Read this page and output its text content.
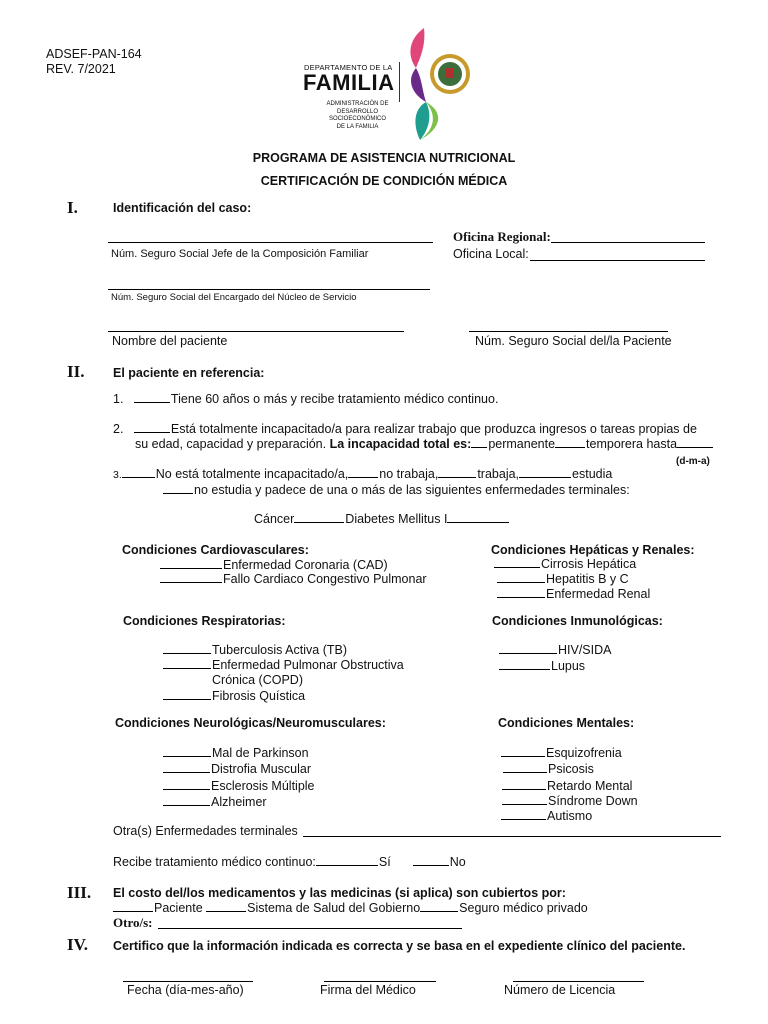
ADSEF-PAN-164
REV. 7/2021	DEPARTAMENTO DE LA
FAMILIA
ADMINISTRACIÓN DE
DESARROLLO
SOCIOECONÓMICO
DE LA FAMILIA
PROGRAMA DE ASISTENCIA NUTRICIONAL
CERTIFICACIÓN DE CONDICIÓN MÉDICA
I.	Identificación del caso:
Núm. Seguro Social Jefe de la Composición Familiar
Oficina Regional:
Oficina Local:
Núm. Seguro Social del Encargado del Núcleo de Servicio
Nombre del paciente	Núm. Seguro Social del/la Paciente
II. El paciente en referencia:
1.	Tiene 60 años o más y recibe tratamiento médico continuo.
2.	Está totalmente incapacitado/a para realizar trabajo que produzca ingresos o tareas propias de
su edad, capacidad y preparación. La incapacidad total es: permanente temporera hasta
(d-m-a)
3.	No está totalmente incapacitado/a, no trabaja,	trabaja,	estudia
no estudia y padece de una o más de las siguientes enfermedades terminales:
Cáncer	Diabetes Mellitus I
Condiciones Cardiovasculares:
Enfermedad Coronaria (CAD)
Fallo Cardiaco Congestivo Pulmonar
Condiciones Hepáticas y Renales:
Cirrosis Hepática
Hepatitis B y C
Enfermedad Renal
Condiciones Respiratorias:
Tuberculosis Activa (TB)
Enfermedad Pulmonar Obstructiva
Crónica (COPD)
Fibrosis Quística
Condiciones Inmunológicas:
HIV/SIDA
Lupus
Condiciones Neurológicas/Neuromusculares:
Mal de Parkinson
Distrofia Muscular
Esclerosis Múltiple
Alzheimer
Condiciones Mentales:
Esquizofrenia
Psicosis
Retardo Mental
Síndrome Down
Autismo
Otra(s) Enfermedades terminales
Recibe tratamiento médico continuo:	Sí	No
III. El costo del/los medicamentos y las medicinas (si aplica) son cubiertos por:
Paciente	Sistema de Salud del Gobierno	Seguro médico privado
Otro/s:
IV. Certifico que la información indicada es correcta y se basa en el expediente clínico del paciente.
Fecha (día-mes-año)	Firma del Médico	Número de Licencia
